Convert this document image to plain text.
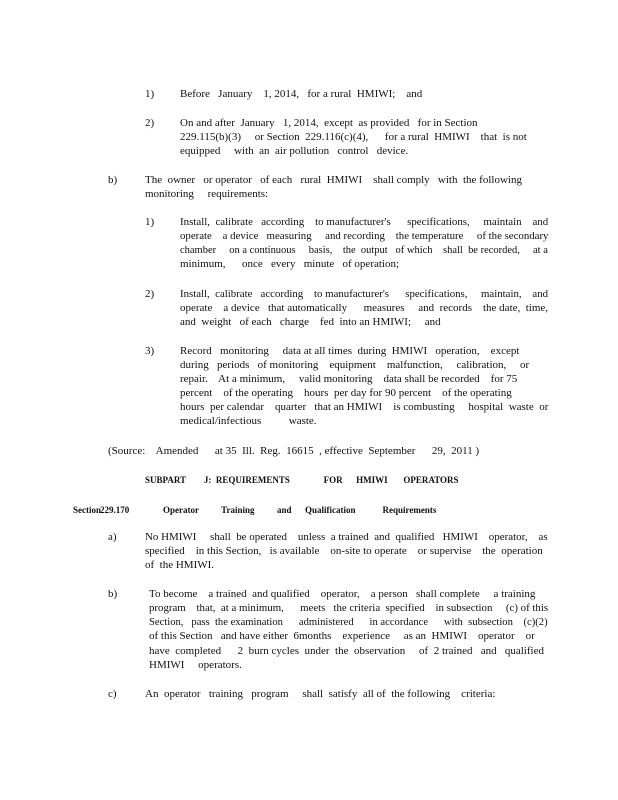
1)
2)
b)
1)
2)
3)
Section
a)
b)
c)
Before   January    1, 2014,   for a rural  HMIWI;    and
On and after  January   1, 2014,  except  as provided   for in Section
229.115(b)(3)     or Section  229.116(c)(4),      for a rural  HMIWI    that  is not
equipped     with  an  air pollution   control   device.
The  owner   or operator   of each   rural  HMIWI    shall comply   with  the following
monitoring     requirements:
Install,  calibrate   according    to manufacturer's      specifications,     maintain    and
operate    a device   measuring     and recording    the temperature     of the secondary
chamber     on a continuous     basis,    the  output   of which    shall  be recorded,     at a
minimum,      once   every   minute   of operation;
Install,  calibrate   according    to manufacturer's      specifications,     maintain,    and
operate    a device   that automatically      measures     and  records    the date,  time,
and  weight   of each   charge    fed  into an HMIWI;     and
Record   monitoring     data at all times  during  HMIWI   operation,    except
during   periods   of monitoring    equipment    malfunction,     calibration,     or
repair.    At a minimum,     valid monitoring    data shall be recorded    for 75
percent    of the operating    hours  per day for 90 percent    of the operating
hours  per calendar    quarter   that an HMIWI    is combusting     hospital  waste  or
medical/infectious          waste.
(Source:    Amended      at 35  Ill.  Reg.  16615  , effective  September      29,  2011 )
SUBPART        J:  REQUIREMENTS               FOR      HMIWI       OPERATORS
229.170               Operator          Training          and      Qualification            Requirements
No HMIWI     shall  be operated    unless  a trained  and  qualified   HMIWI    operator,    as
specified    in this Section,   is available    on-site to operate    or supervise    the  operation
of  the HMIWI.
To become    a trained  and qualified    operator,    a person   shall complete     a training
program    that,  at a minimum,      meets   the criteria  specified    in subsection     (c) of this
Section,   pass  the examination      administered      in accordance      with  subsection    (c)(2)
of this Section   and have either  6months    experience     as an  HMIWI    operator    or
have  completed      2  burn cycles  under  the  observation     of  2 trained   and   qualified
HMIWI     operators.
An  operator   training   program     shall  satisfy  all of  the following    criteria:
